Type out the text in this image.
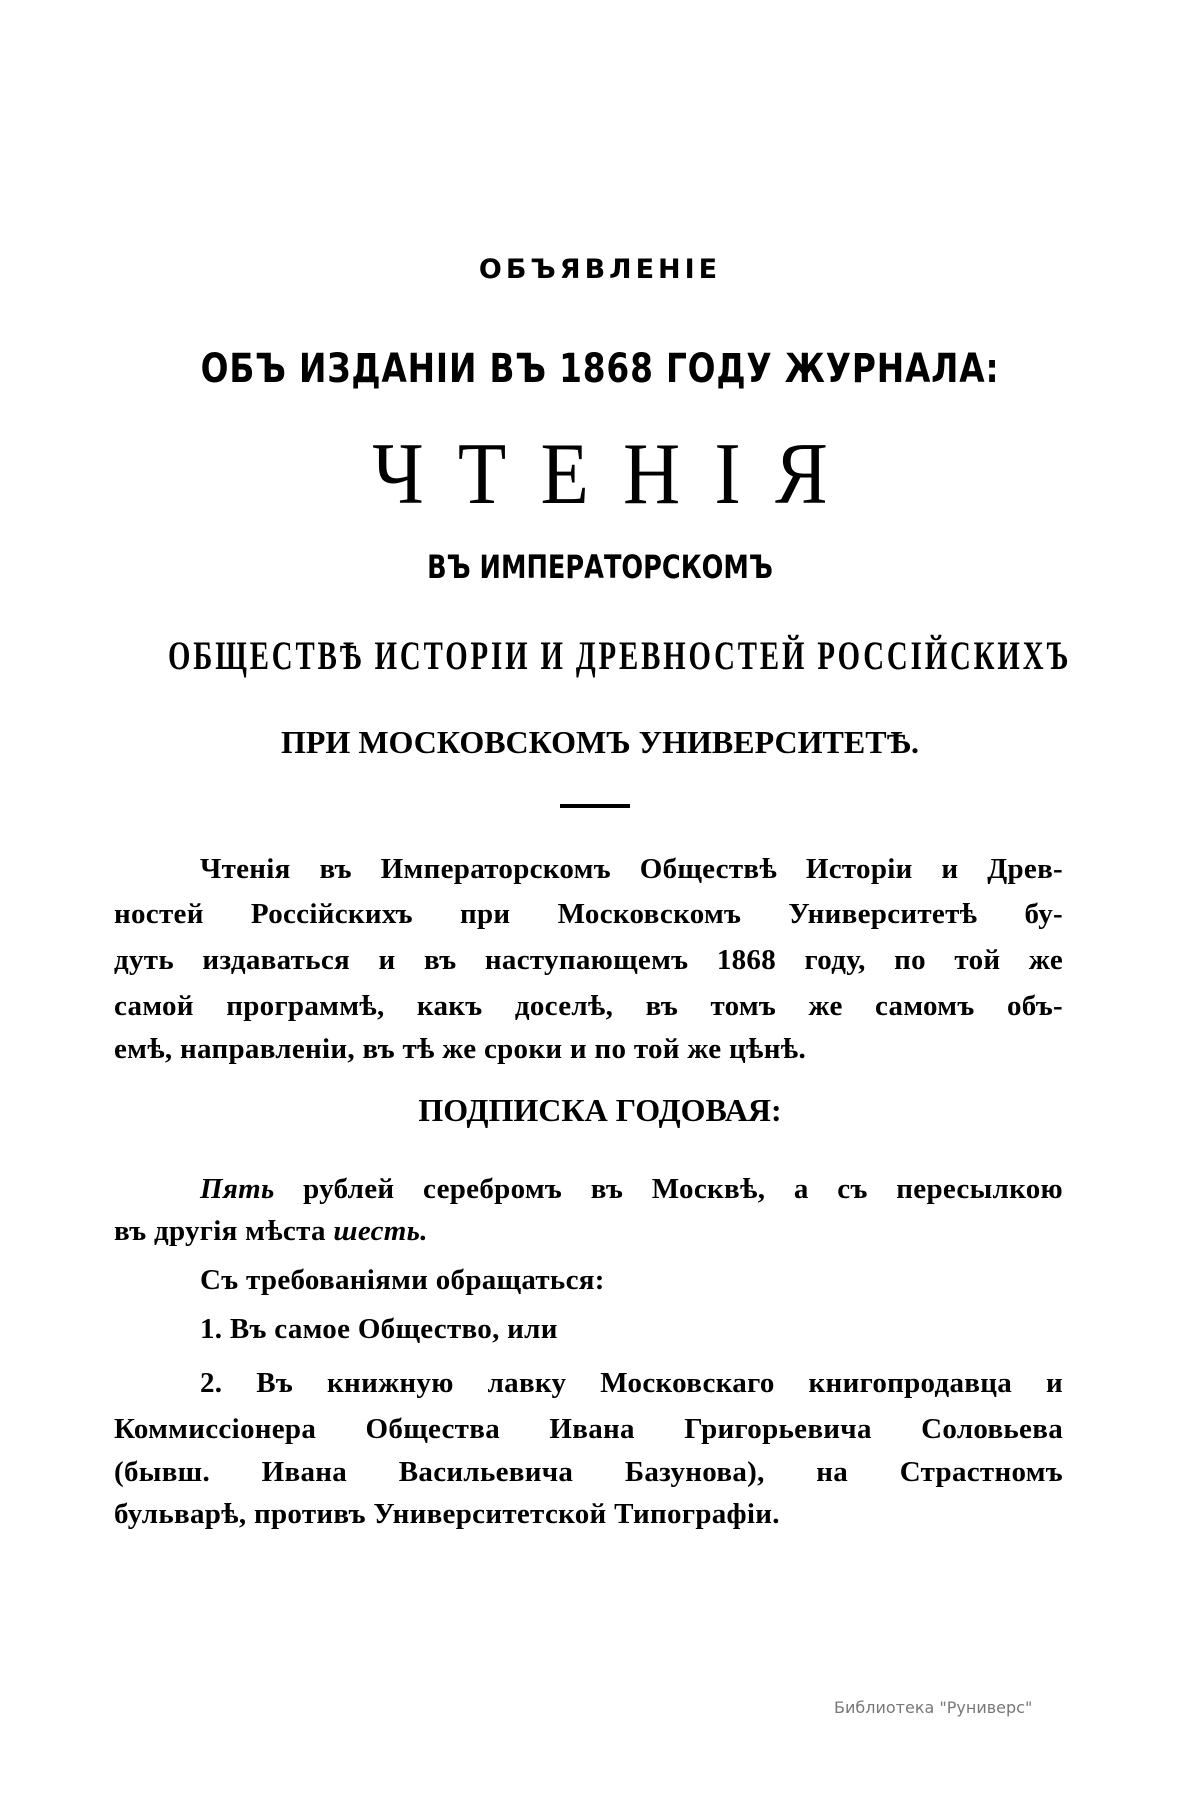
ОБЪЯВЛЕНІЕ
ОБЪ ИЗДАНІИ ВЪ 1868 ГОДУ ЖУРНАЛА:
ЧТЕНІЯ
ВЪ ИМПЕРАТОРСКОМЪ
ОБЩЕСТВѢ ИСТОРІИ И ДРЕВНОСТЕЙ РОССІЙСКИХЪ
ПРИ МОСКОВСКОМЪ УНИВЕРСИТЕТѢ.
Чтенія въ Императорскомъ Обществѣ Исторіи и Древ-
ностей Россійскихъ при Московскомъ Университетѣ бу-
дуть издаваться и въ наступающемъ 1868 году, по той же
самой программѣ, какъ доселѣ, въ томъ же самомъ объ-
емѣ, направленіи, въ тѣ же сроки и по той же цѣнѣ.
ПОДПИСКА ГОДОВАЯ:
Пять рублей серебромъ въ Москвѣ, а съ пересылкою
въ другія мѣста шесть.
Съ требованіями обращаться:
1. Въ самое Общество, или
2. Въ книжную лавку Московскаго книгопродавца и
Коммиссіонера Общества Ивана Григорьевича Соловьева
(бывш. Ивана Васильевича Базунова), на Страстномъ
бульварѣ, противъ Университетской Типографіи.
Библиотека "Руниверс"
